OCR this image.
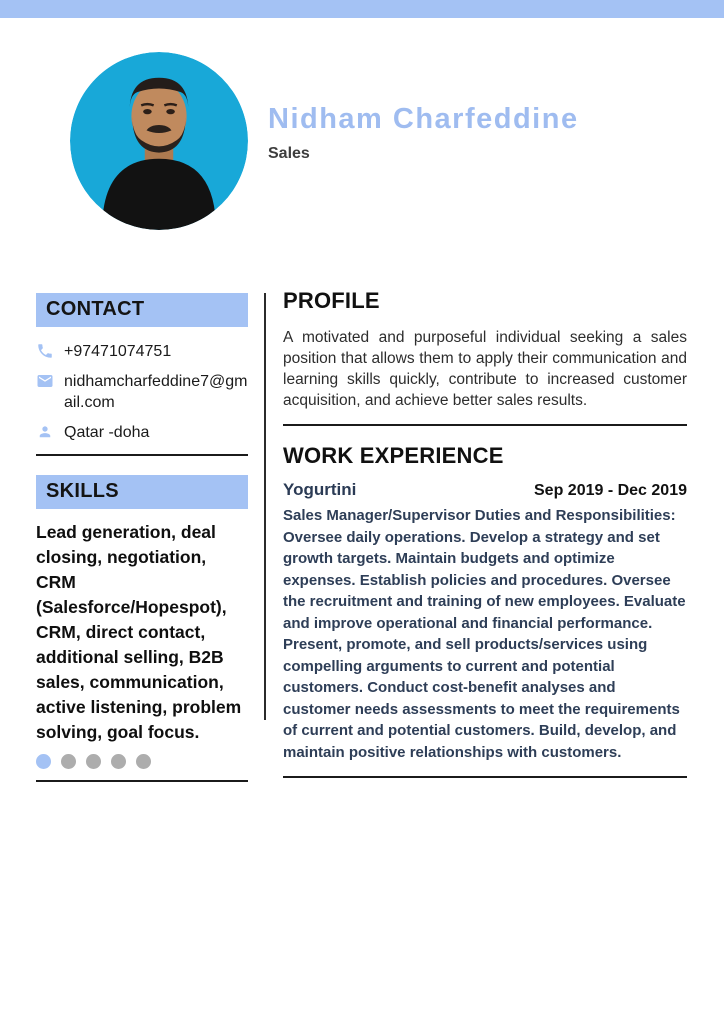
Nidham Charfeddine
Sales
CONTACT
+97471074751
nidhamcharfeddine7@gmail.com
Qatar -doha
SKILLS
Lead generation, deal closing, negotiation, CRM (Salesforce/Hopespot), CRM, direct contact, additional selling, B2B sales, communication, active listening, problem solving, goal focus.
PROFILE
A motivated and purposeful individual seeking a sales position that allows them to apply their communication and learning skills quickly, contribute to increased customer acquisition, and achieve better sales results.
WORK EXPERIENCE
Yogurtini	Sep 2019 - Dec 2019
Sales Manager/Supervisor Duties and Responsibilities: Oversee daily operations. Develop a strategy and set growth targets. Maintain budgets and optimize expenses. Establish policies and procedures. Oversee the recruitment and training of new employees. Evaluate and improve operational and financial performance. Present, promote, and sell products/services using compelling arguments to current and potential customers. Conduct cost-benefit analyses and customer needs assessments to meet the requirements of current and potential customers. Build, develop, and maintain positive relationships with customers.
